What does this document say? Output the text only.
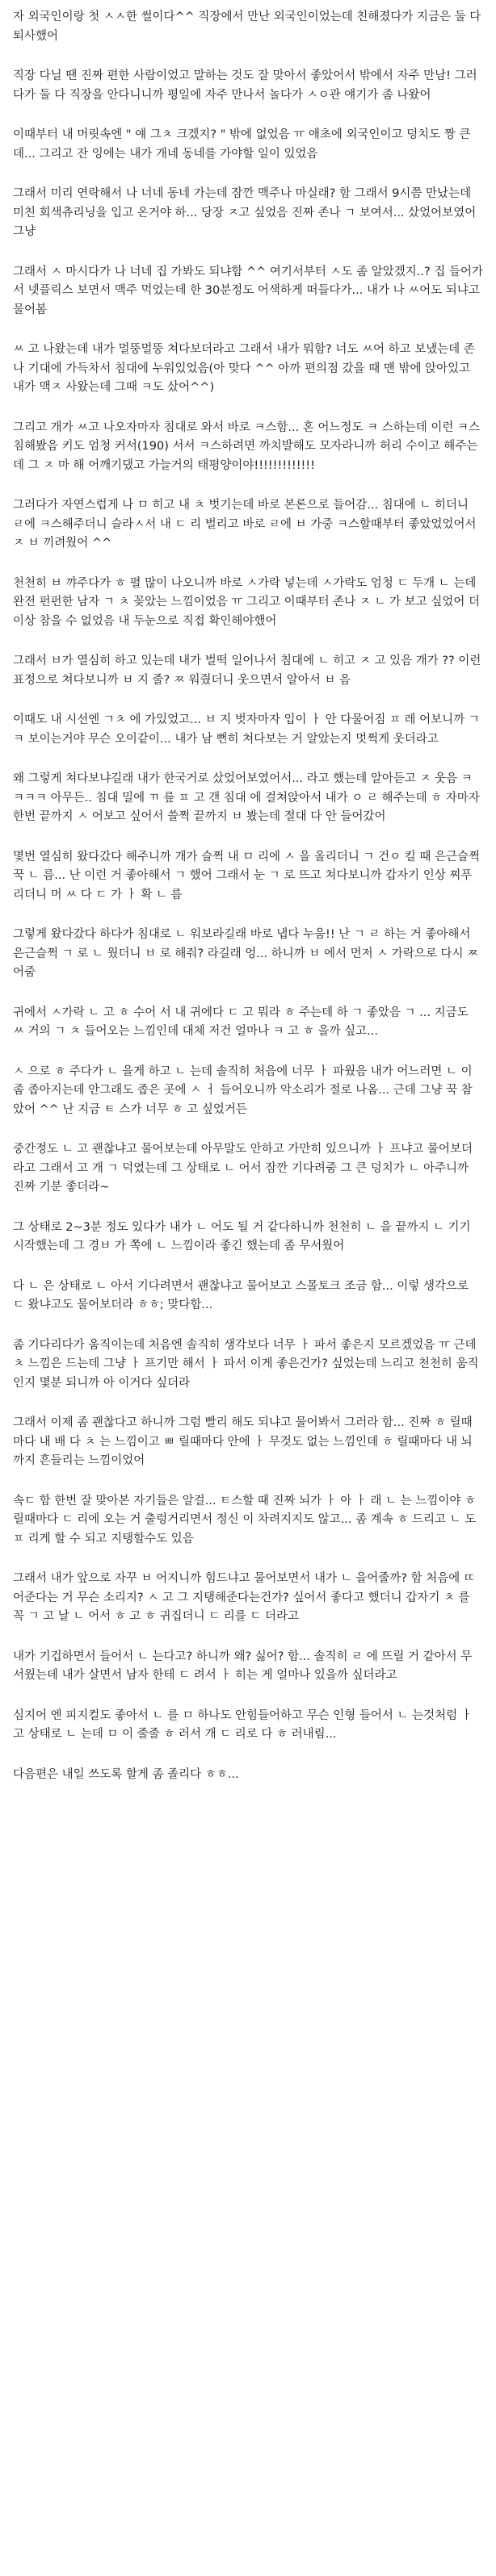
자 외국인이랑 첫 ㅅㅅ한 썰이다^^ 직장에서 만난 외국인이었는데 친해졌다가 지금은 둘 다 퇴사했어

직장 다닐 땐 진짜 편한 사람이었고 말하는 것도 잘 맞아서 좋았어서 밖에서 자주 만남! 그러다가 둘 다 직장을 안다니니까 평일에 자주 만나서 놀다가 ㅅㅇ관 얘기가 좀 나왔어

이때부터 내 머릿속엔 " 얘 그ㅊ 크겠지? " 밖에 없었음 ㅠ 애초에 외국인이고 덩치도 짱 큰데... 그리고 잔 잉에는 내가 개네 동네를 가야할 일이 있었음

그래서 미리 연락해서 나 너네 동네 가는데 잠깐 맥주나 마실래? 함 그래서 9시쯤 만났는데 미친 회색츄리닝을 입고 온거야 하... 당장 ㅈ고 싶었음 진짜 존나 ㄱ 보여서... 샀었어보였어 그냥

그래서 ㅅ 마시다가 나 너네 집 가봐도 되냐함 ^^ 여기서부터 ㅅ도 좀 알았겠지..? 집 들어가서 넷플릭스 보면서 맥주 먹었는데 한 30분정도 어색하게 떠들다가... 내가 나 ㅆ어도 되냐고 물어봄

ㅆ 고 나왔는데 내가 멀뚱멀뚱 쳐다보더라고 그래서 내가 뭐함? 너도 ㅆ어 하고 보냈는데 존나 기대에 가득차서 침대에 누워있었음(아 맞다 ^^ 아까 편의점 갔을 때 맨 밖에 앉아있고 내가 맥ㅈ 사왔는데 그때 ㅋ도 샀어^^)

그리고 개가 ㅆ고 나오자마자 침대로 와서 바로 ㅋ스함... 혼 어느정도 ㅋ 스하는데 이런 ㅋ스 침해봤음 키도 엄청 커서(190) 서서 ㅋ스하려면 까치발해도 모자라니까 허리 수이고 해주는데 그 ㅈ 마 해 어깨기댔고 가늘거의 태평양이야!!!!!!!!!!!!!

그러다가 자연스럽게 나 ㅁ 히고 내 ㅊ 벗기는데 바로 본론으로 들어감... 침대에 ㄴ 히더니 ㄹ에 ㅋ스해주더니 슬라ㅅ서 내 ㄷ 리 벌리고 바로 ㄹ에 ㅂ 가중 ㅋ스할때부터 좋았었었어서 ㅈ ㅂ 끼려웠어 ^^

천천히 ㅂ 꺄주다가 ㅎ 펼 많이 나오니까 바로 ㅅ가락 넣는데 ㅅ가락도 엄청 ㄷ 두개 ㄴ 는데 완전 펀펀한 남자 ㄱ ㅊ 꽂았는 느낌이었음 ㅠ 그리고 이때부터 존나 ㅈ ㄴ 가 보고 싶었어 더 이상 참을 수 없었음 내 두눈으로 직접 확인해야했어

그래서 ㅂ가 열심히 하고 있는데 내가 벌떡 일어나서 침대에 ㄴ 히고 ㅈ 고 있음 개가 ?? 이런 표정으로 쳐다보니까 ㅂ 지 줄? ㅉ 워줬더니 웃으면서 알아서 ㅂ 음

이때도 내 시선엔 ㄱㅊ 에 가있었고... ㅂ 지 벗자마자 입이 ㅏ 안 다물어짐 ㅍ 레 어보니까 ㄱ ㅋ 보이는거야 무슨 오이같이... 내가 남 뻔히 쳐다보는 거 알았는지 멋쩍게 웃더라고

왜 그렇게 쳐다보냐길래 내가 한국거로 샀었어보였어서... 라고 했는데 알아듣고 ㅈ 웃음 ㅋㅋㅋㅋ 아무든.. 침대 밀에 ㄲ 릎 ㅍ 고 갠 침대 에 걸쳐앉아서 내가 ㅇ ㄹ 해주는데 ㅎ 자마자 한번 끝까지 ㅅ 어보고 싶어서 쓸쩍 끝까지 ㅂ 봤는데 절대 다 안 들어갔어

몇번 열심히 왔다갔다 해주니까 개가 슬쩍 내 ㅁ 리에 ㅅ 을 올리더니 ㄱ 건ㅇ 킬 때 은근슬쩍 꾹 ㄴ 름... 난 이런 거 좋아해서 ㄱ 했어 그래서 눈 ㄱ 로 뜨고 쳐다보니까 갑자기 인상 찌푸리더니 머 ㅆ 다 ㄷ 가 ㅏ 확 ㄴ 름

그렇게 왔다갔다 하다가 침대로 ㄴ 워보라길래 바로 냅다 누움!! 난 ㄱ ㄹ 하는 거 좋아해서 은근슬쩍 ㄱ 로 ㄴ 웠더니 ㅂ 로 해줘? 라길래 엉... 하니까 ㅂ 에서 먼저 ㅅ 가락으로 다시 ㅉ 어줌

귀에서 ㅅ가락 ㄴ 고 ㅎ 수어 서 내 귀에다 ㄷ 고 뭐라 ㅎ 주는데 하 ㄱ 좋았음 ㄱ ... 지금도 ㅆ 거의 ㄱ ㅊ 들어오는 느낌인데 대체 저건 얼마나 ㅋ 고 ㅎ 을까 싶고...

ㅅ 으로 ㅎ 주다가 ㄴ 을게 하고 ㄴ 는데 솔직히 처음에 너무 ㅏ 파웠음 내가 어느러면 ㄴ 이 좀 좁아지는데 안그래도 좁은 곳에 ㅅ ㅓ 들어오니까 악소리가 절로 나옴... 근데 그냥 꾹 참았어 ^^ 난 지금 ㅌ 스가 너무 ㅎ 고 싶었거든

중간정도 ㄴ 고 괜찮냐고 물어보는데 아무말도 안하고 가만히 있으니까 ㅏ 프냐고 물어보더라고 그래서 고 개 ㄱ 덕였는데 그 상태로 ㄴ 어서 잠깐 기다려줌 그 큰 덩치가 ㄴ 아주니까 진짜 기분 좋더라~

그 상태로 2~3분 정도 있다가 내가 ㄴ 어도 될 거 같다하니까 천천히 ㄴ 을 끝까지 ㄴ 기기 시작했는데 그 경ㅂ 가 쪽에 ㄴ 느낌이라 좋긴 했는데 좀 무서웠어

다 ㄴ 은 상태로 ㄴ 아서 기다려면서 괜찮냐고 물어보고 스몰토크 조금 함... 이렇 생각으로 ㄷ 왔냐고도 물어보더라 ㅎㅎ; 맞다함...

좀 기다리다가 움직이는데 처음엔 솔직히 생각보다 너무 ㅏ 파서 좋은지 모르겠었음 ㅠ 근데 ㅊ 느낌은 드는데 그냥 ㅏ 프기만 해서 ㅏ 파서 이게 좋은건가? 싶었는데 느리고 천천히 움직인지 몇분 되니까 아 이거다 싶더라

그래서 이제 좀 괜찮다고 하니까 그럼 빨리 해도 되냐고 물어봐서 그러라 함... 진짜 ㅎ 릴때마다 내 배 다 ㅊ 는 느낌이고 ㅃ 릴때마다 안에 ㅏ 무것도 없는 느낌인데 ㅎ 릴때마다 내 뇌까지 흔들리는 느낌이었어

속ㄷ 함 한번 잘 맞아본 자기들은 알걸... ㅌ스할 때 진짜 뇌가 ㅏ 아 ㅏ 래 ㄴ 는 느낌이야 ㅎ 릴때마다 ㄷ 리에 오는 거 출렁거리면서 정신 이 차려지지도 않고... 좀 계속 ㅎ 드리고 ㄴ 도 ㅍ 리게 할 수 되고 지탱할수도 있음

그래서 내가 앞으로 자꾸 ㅂ 어지니까 힘드냐고 물어보면서 내가 ㄴ 을어줄까? 함 처음에 ㄸ 어준다는 거 무슨 소리지? ㅅ 고 그 지탱해준다는건가? 싶어서 좋다고 했더니 갑자기 ㅊ 를 꼭 ㄱ 고 날 ㄴ 어서 ㅎ 고 ㅎ 귀집더니 ㄷ 리를 ㄷ 더라고

내가 기겁하면서 들어서 ㄴ 는다고? 하니까 왜? 싫어? 함... 솔직히 ㄹ 에 뜨릴 거 같아서 무서웠는데 내가 살면서 남자 한테 ㄷ 려서 ㅏ 히는 게 얼마나 있을까 싶더라고

심지어 엔 피지컬도 좋아서 ㄴ 를 ㅁ 하나도 안힘들어하고 무슨 인형 들어서 ㄴ 는것처럼 ㅏ 고 상태로 ㄴ 는데 ㅁ 이 줄줄 ㅎ 러서 개 ㄷ 리로 다 ㅎ 러내림...

다음편은 내일 쓰도록 할게 좀 졸리다 ㅎㅎ...
